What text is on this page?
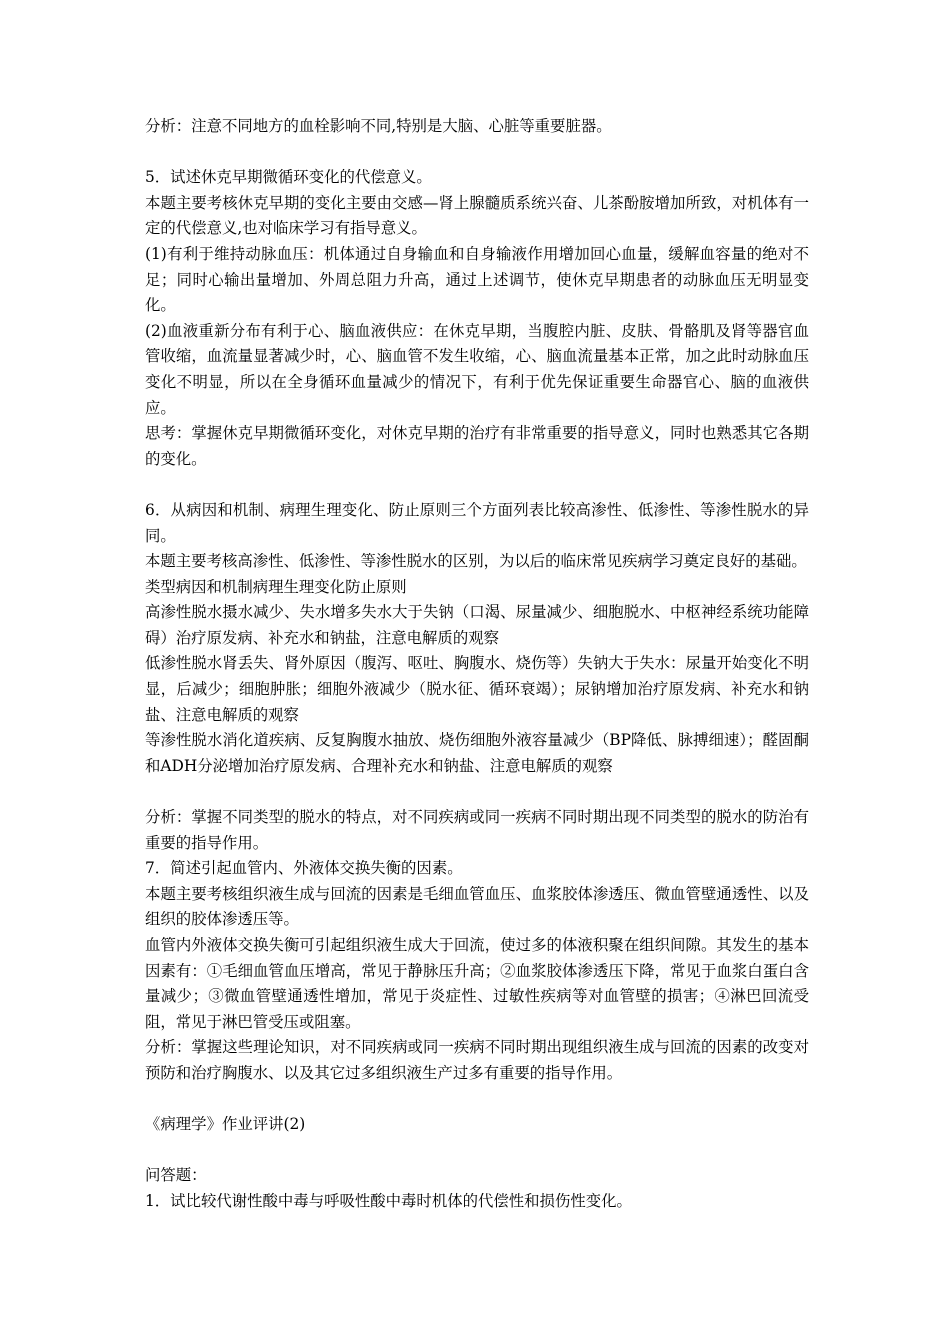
分析：注意不同地方的血栓影响不同,特别是大脑、心脏等重要脏器。

5．试述休克早期微循环变化的代偿意义。

本题主要考核休克早期的变化主要由交感—肾上腺髓质系统兴奋、儿茶酚胺增加所致，对机体有一定的代偿意义,也对临床学习有指导意义。

(1)有利于维持动脉血压：机体通过自身输血和自身输液作用增加回心血量，缓解血容量的绝对不足；同时心输出量增加、外周总阻力升高，通过上述调节，使休克早期患者的动脉血压无明显变化。

(2)血液重新分布有利于心、脑血液供应：在休克早期，当腹腔内脏、皮肤、骨骼肌及肾等器官血管收缩，血流量显著减少时，心、脑血管不发生收缩，心、脑血流量基本正常，加之此时动脉血压变化不明显，所以在全身循环血量减少的情况下，有利于优先保证重要生命器官心、脑的血液供应。

思考：掌握休克早期微循环变化，对休克早期的治疗有非常重要的指导意义，同时也熟悉其它各期的变化。

6．从病因和机制、病理生理变化、防止原则三个方面列表比较高渗性、低渗性、等渗性脱水的异同。

本题主要考核高渗性、低渗性、等渗性脱水的区别，为以后的临床常见疾病学习奠定良好的基础。

类型病因和机制病理生理变化防止原则

高渗性脱水摄水减少、失水增多失水大于失钠（口渴、尿量减少、细胞脱水、中枢神经系统功能障碍）治疗原发病、补充水和钠盐，注意电解质的观察

低渗性脱水肾丢失、肾外原因（腹泻、呕吐、胸腹水、烧伤等）失钠大于失水：尿量开始变化不明显，后减少；细胞肿胀；细胞外液减少（脱水征、循环衰竭）；尿钠增加治疗原发病、补充水和钠盐、注意电解质的观察

等渗性脱水消化道疾病、反复胸腹水抽放、烧伤细胞外液容量减少（BP降低、脉搏细速）；醛固酮和ADH分泌增加治疗原发病、合理补充水和钠盐、注意电解质的观察

分析：掌握不同类型的脱水的特点，对不同疾病或同一疾病不同时期出现不同类型的脱水的防治有重要的指导作用。

7．简述引起血管内、外液体交换失衡的因素。

本题主要考核组织液生成与回流的因素是毛细血管血压、血浆胶体渗透压、微血管壁通透性、以及组织的胶体渗透压等。

血管内外液体交换失衡可引起组织液生成大于回流，使过多的体液积聚在组织间隙。其发生的基本因素有：①毛细血管血压增高，常见于静脉压升高；②血浆胶体渗透压下降，常见于血浆白蛋白含量减少；③微血管壁通透性增加，常见于炎症性、过敏性疾病等对血管壁的损害；④淋巴回流受阻，常见于淋巴管受压或阻塞。

分析：掌握这些理论知识，对不同疾病或同一疾病不同时期出现组织液生成与回流的因素的改变对预防和治疗胸腹水、以及其它过多组织液生产过多有重要的指导作用。

《病理学》作业评讲(2)

问答题：

1．试比较代谢性酸中毒与呼吸性酸中毒时机体的代偿性和损伤性变化。
